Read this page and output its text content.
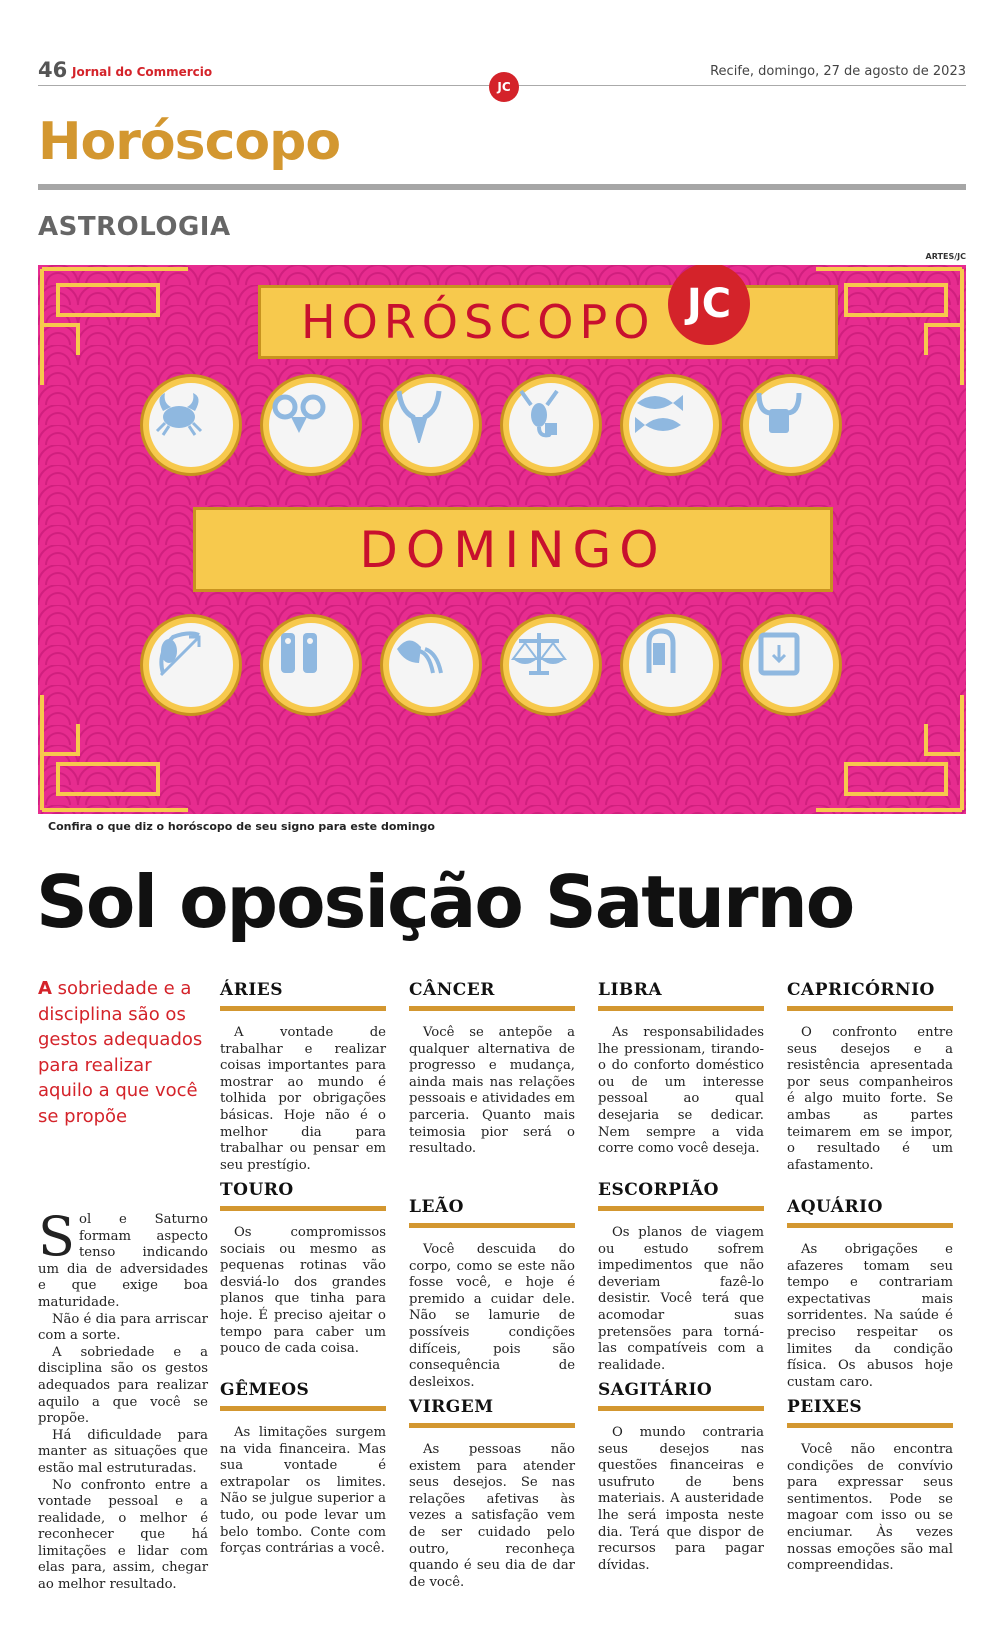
46 Jornal do Commercio
JC
Recife, domingo, 27 de agosto de 2023
Horóscopo
ASTROLOGIA
ARTES/JC
HORÓSCOPO JC
DOMINGO
Confira o que diz o horóscopo de seu signo para este domingo
Sol oposição Saturno
A sobriedade e a disciplina são os gestos adequados para realizar aquilo a que você se propõe

Sol e Saturno formam aspecto tenso indicando um dia de adversidades e que exige boa maturidade.

Não é dia para arriscar com a sorte.

A sobriedade e a disciplina são os gestos adequados para realizar aquilo a que você se propõe.

Há dificuldade para manter as situações que estão mal estruturadas.

No confronto entre a vontade pessoal e a realidade, o melhor é reconhecer que há limitações e lidar com elas para, assim, chegar ao melhor resultado.

ÁRIES

A vontade de trabalhar e realizar coisas importantes para mostrar ao mundo é tolhida por obrigações básicas. Hoje não é o melhor dia para trabalhar ou pensar em seu prestígio.

TOURO

Os compromissos sociais ou mesmo as pequenas rotinas vão desviá-lo dos grandes planos que tinha para hoje. É preciso ajeitar o tempo para caber um pouco de cada coisa.

GÊMEOS

As limitações surgem na vida financeira. Mas sua vontade é extrapolar os limites. Não se julgue superior a tudo, ou pode levar um belo tombo. Conte com forças contrárias a você.

CÂNCER

Você se antepõe a qualquer alternativa de progresso e mudança, ainda mais nas relações pessoais e atividades em parceria. Quanto mais teimosia pior será o resultado.

LEÃO

Você descuida do corpo, como se este não fosse você, e hoje é premido a cuidar dele. Não se lamurie de possíveis condições difíceis, pois são consequência de desleixos.

VIRGEM

As pessoas não existem para atender seus desejos. Se nas relações afetivas às vezes a satisfação vem de ser cuidado pelo outro, reconheça quando é seu dia de dar de você.

LIBRA

As responsabilidades lhe pressionam, tirando-o do conforto doméstico ou de um interesse pessoal ao qual desejaria se dedicar. Nem sempre a vida corre como você deseja.

ESCORPIÃO

Os planos de viagem ou estudo sofrem impedimentos que não deveriam fazê-lo desistir. Você terá que acomodar suas pretensões para torná-las compatíveis com a realidade.

SAGITÁRIO

O mundo contraria seus desejos nas questões financeiras e usufruto de bens materiais. A austeridade lhe será imposta neste dia. Terá que dispor de recursos para pagar dívidas.

CAPRICÓRNIO

O confronto entre seus desejos e a resistência apresentada por seus companheiros é algo muito forte. Se ambas as partes teimarem em se impor, o resultado é um afastamento.

AQUÁRIO

As obrigações e afazeres tomam seu tempo e contrariam expectativas mais sorridentes. Na saúde é preciso respeitar os limites da condição física. Os abusos hoje custam caro.

PEIXES

Você não encontra condições de convívio para expressar seus sentimentos. Pode se magoar com isso ou se enciumar. Às vezes nossas emoções são mal compreendidas.
